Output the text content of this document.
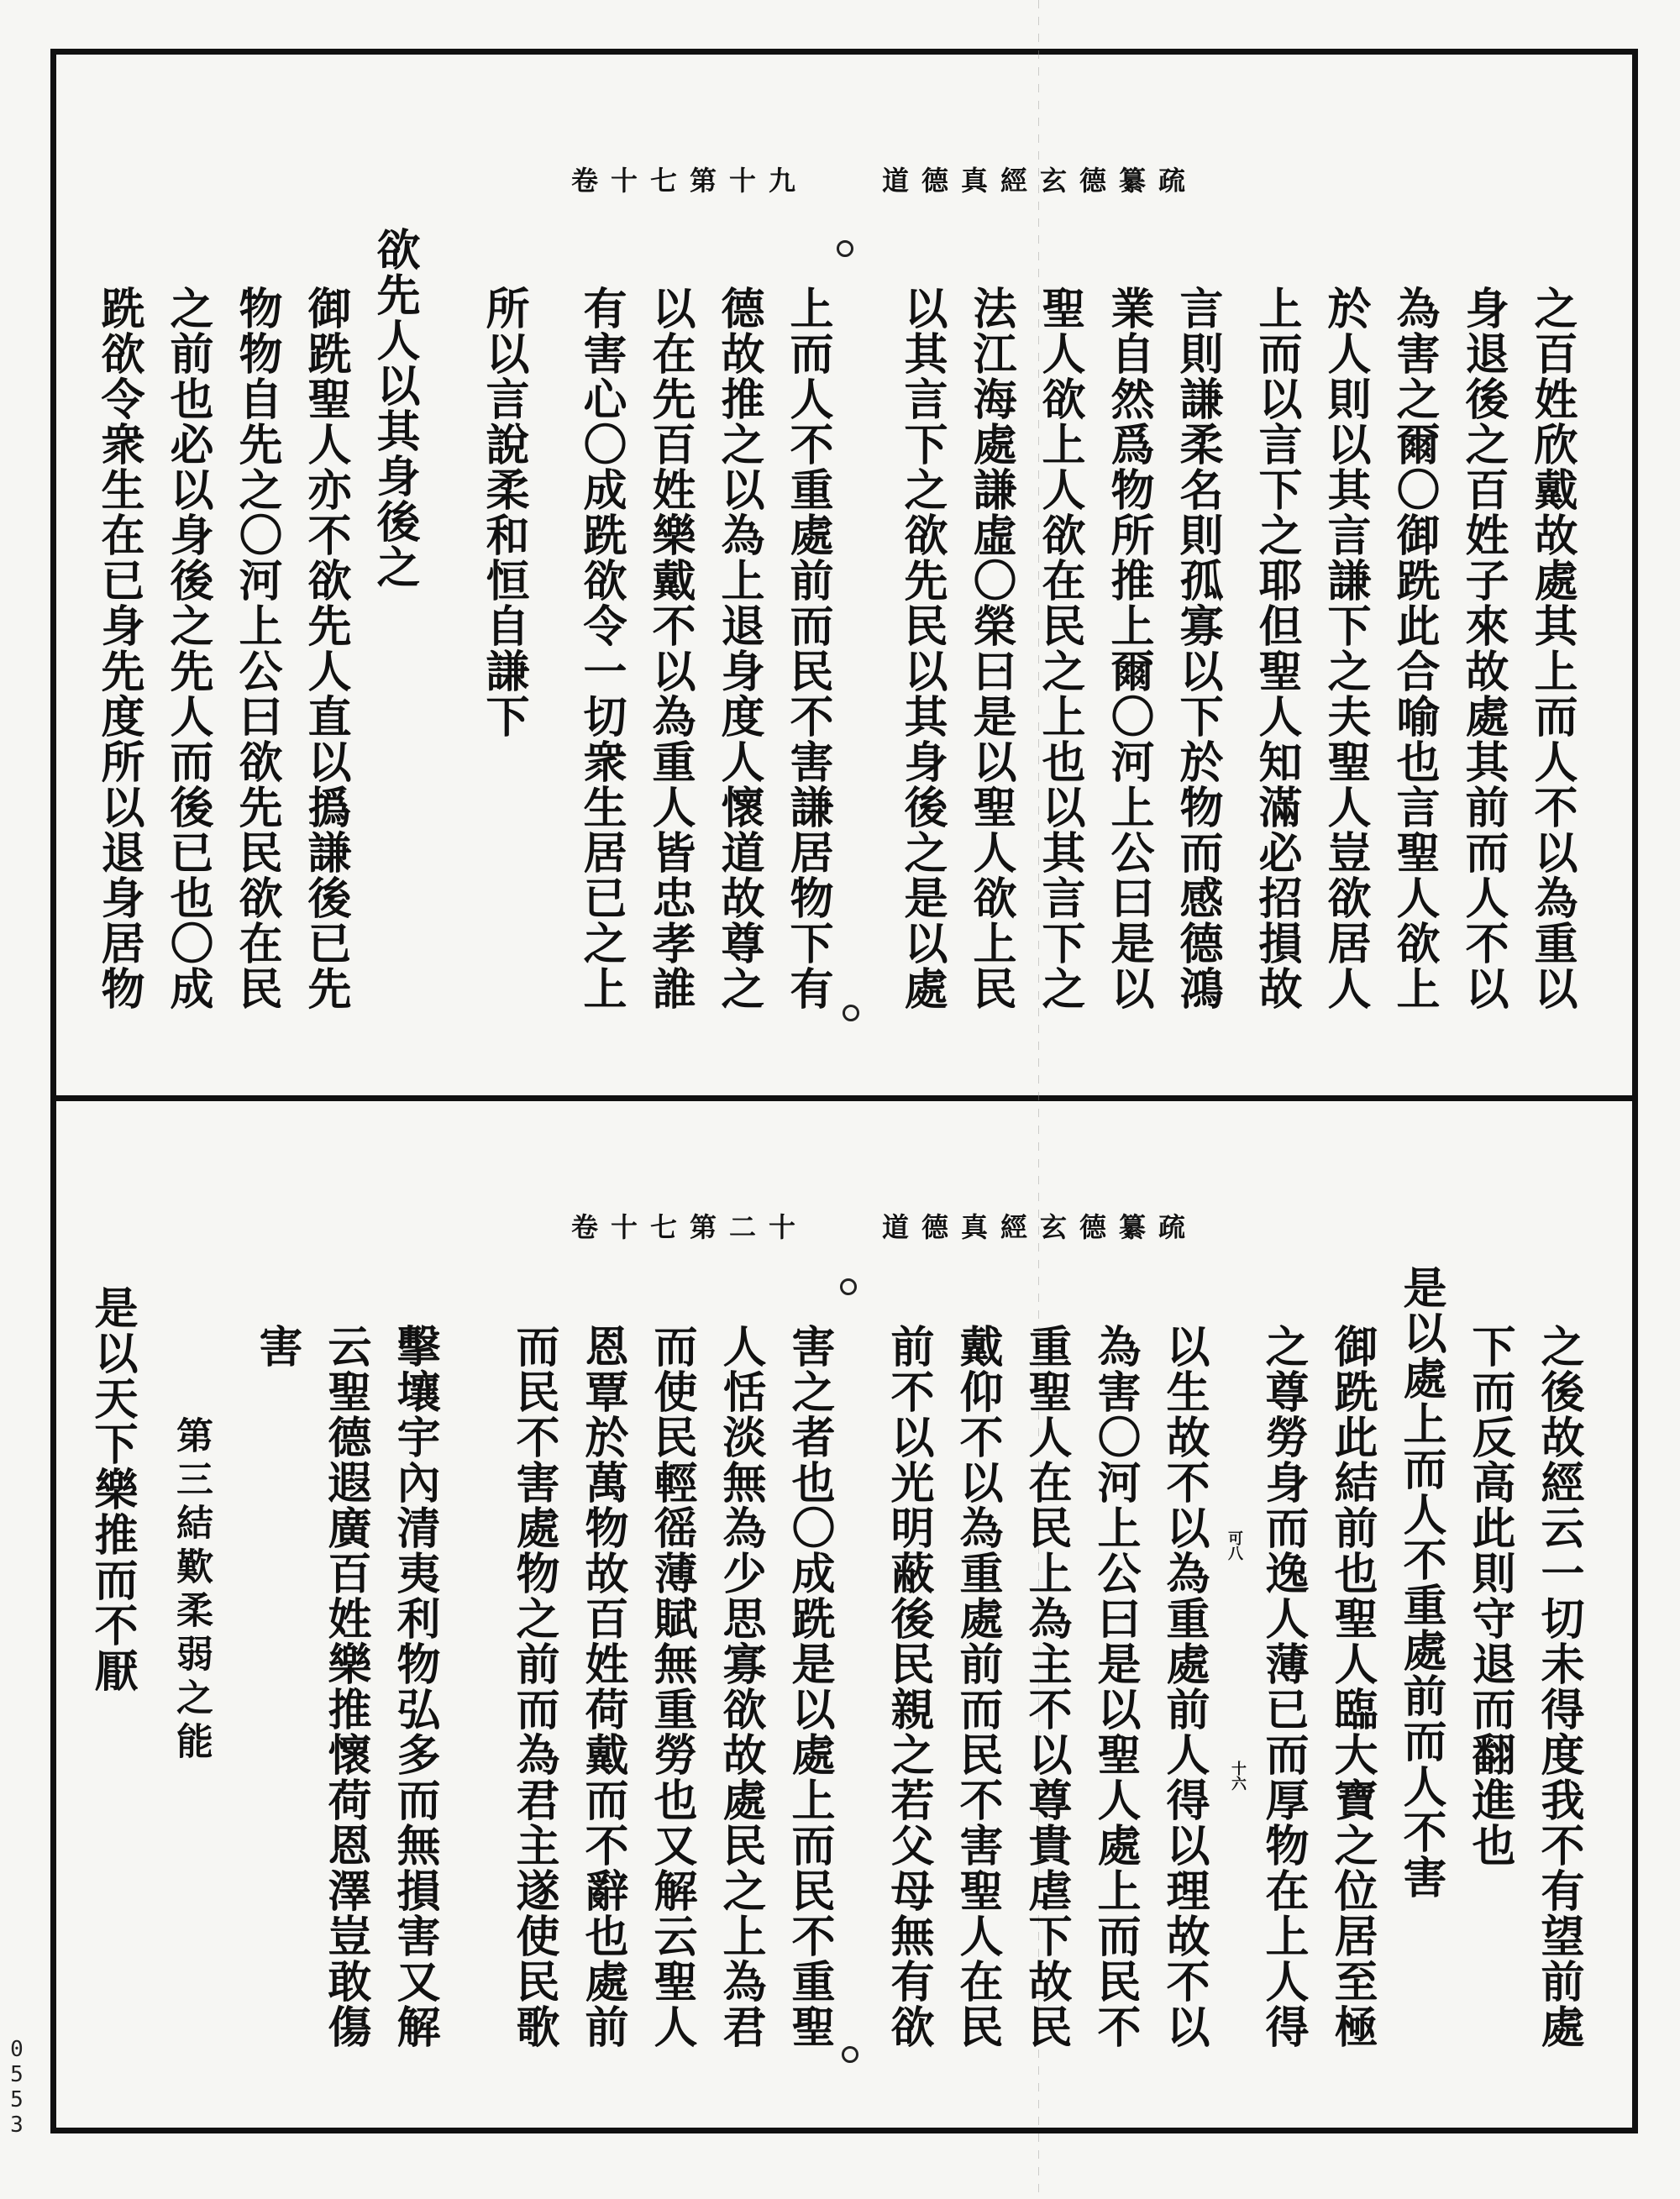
卷十七第十九	道德真經玄德纂疏
之百姓欣戴故處其上而人不以為重以
身退後之百姓子來故處其前而人不以
為害之爾〇御跣此合喻也言聖人欲上
於人則以其言謙下之夫聖人豈欲居人
上而以言下之耶但聖人知滿必招損故
言則謙柔名則孤寡以下於物而感德鴻
業自然爲物所推上爾〇河上公曰是以
聖人欲上人欲在民之上也以其言下之
法江海處謙虛〇榮曰是以聖人欲上民
以其言下之欲先民以其身後之是以處
上而人不重處前而民不害謙居物下有
德故推之以為上退身度人懷道故尊之
以在先百姓樂戴不以為重人皆忠孝誰
有害心〇成跣欲令一切衆生居已之上
所以言說柔和恒自謙下
欲先人以其身後之
御跣聖人亦不欲先人直以撝謙後已先
物物自先之〇河上公曰欲先民欲在民
之前也必以身後之先人而後已也〇成
跣欲令衆生在已身先度所以退身居物
卷十七第二十	道德真經玄德纂疏
可八
十六	之後故經云一切未得度我不有望前處
下而反高此則守退而翻進也
是以處上而人不重處前而人不害
御跣此結前也聖人臨大寶之位居至極
之尊勞身而逸人薄已而厚物在上人得
以生故不以為重處前人得以理故不以
為害〇河上公曰是以聖人處上而民不
重聖人在民上為主不以尊貴虐下故民
戴仰不以為重處前而民不害聖人在民
前不以光明蔽後民親之若父母無有欲
害之者也〇成跣是以處上而民不重聖
人恬淡無為少思寡欲故處民之上為君
而使民輕徭薄賦無重勞也又解云聖人
恩覃於萬物故百姓荷戴而不辭也處前
而民不害處物之前而為君主遂使民歌
擊壤宇內清夷利物弘多而無損害又解
云聖德遐廣百姓樂推懷荷恩澤豈敢傷
害
第三結歎柔弱之能
是以天下樂推而不厭
0
5
5
3
